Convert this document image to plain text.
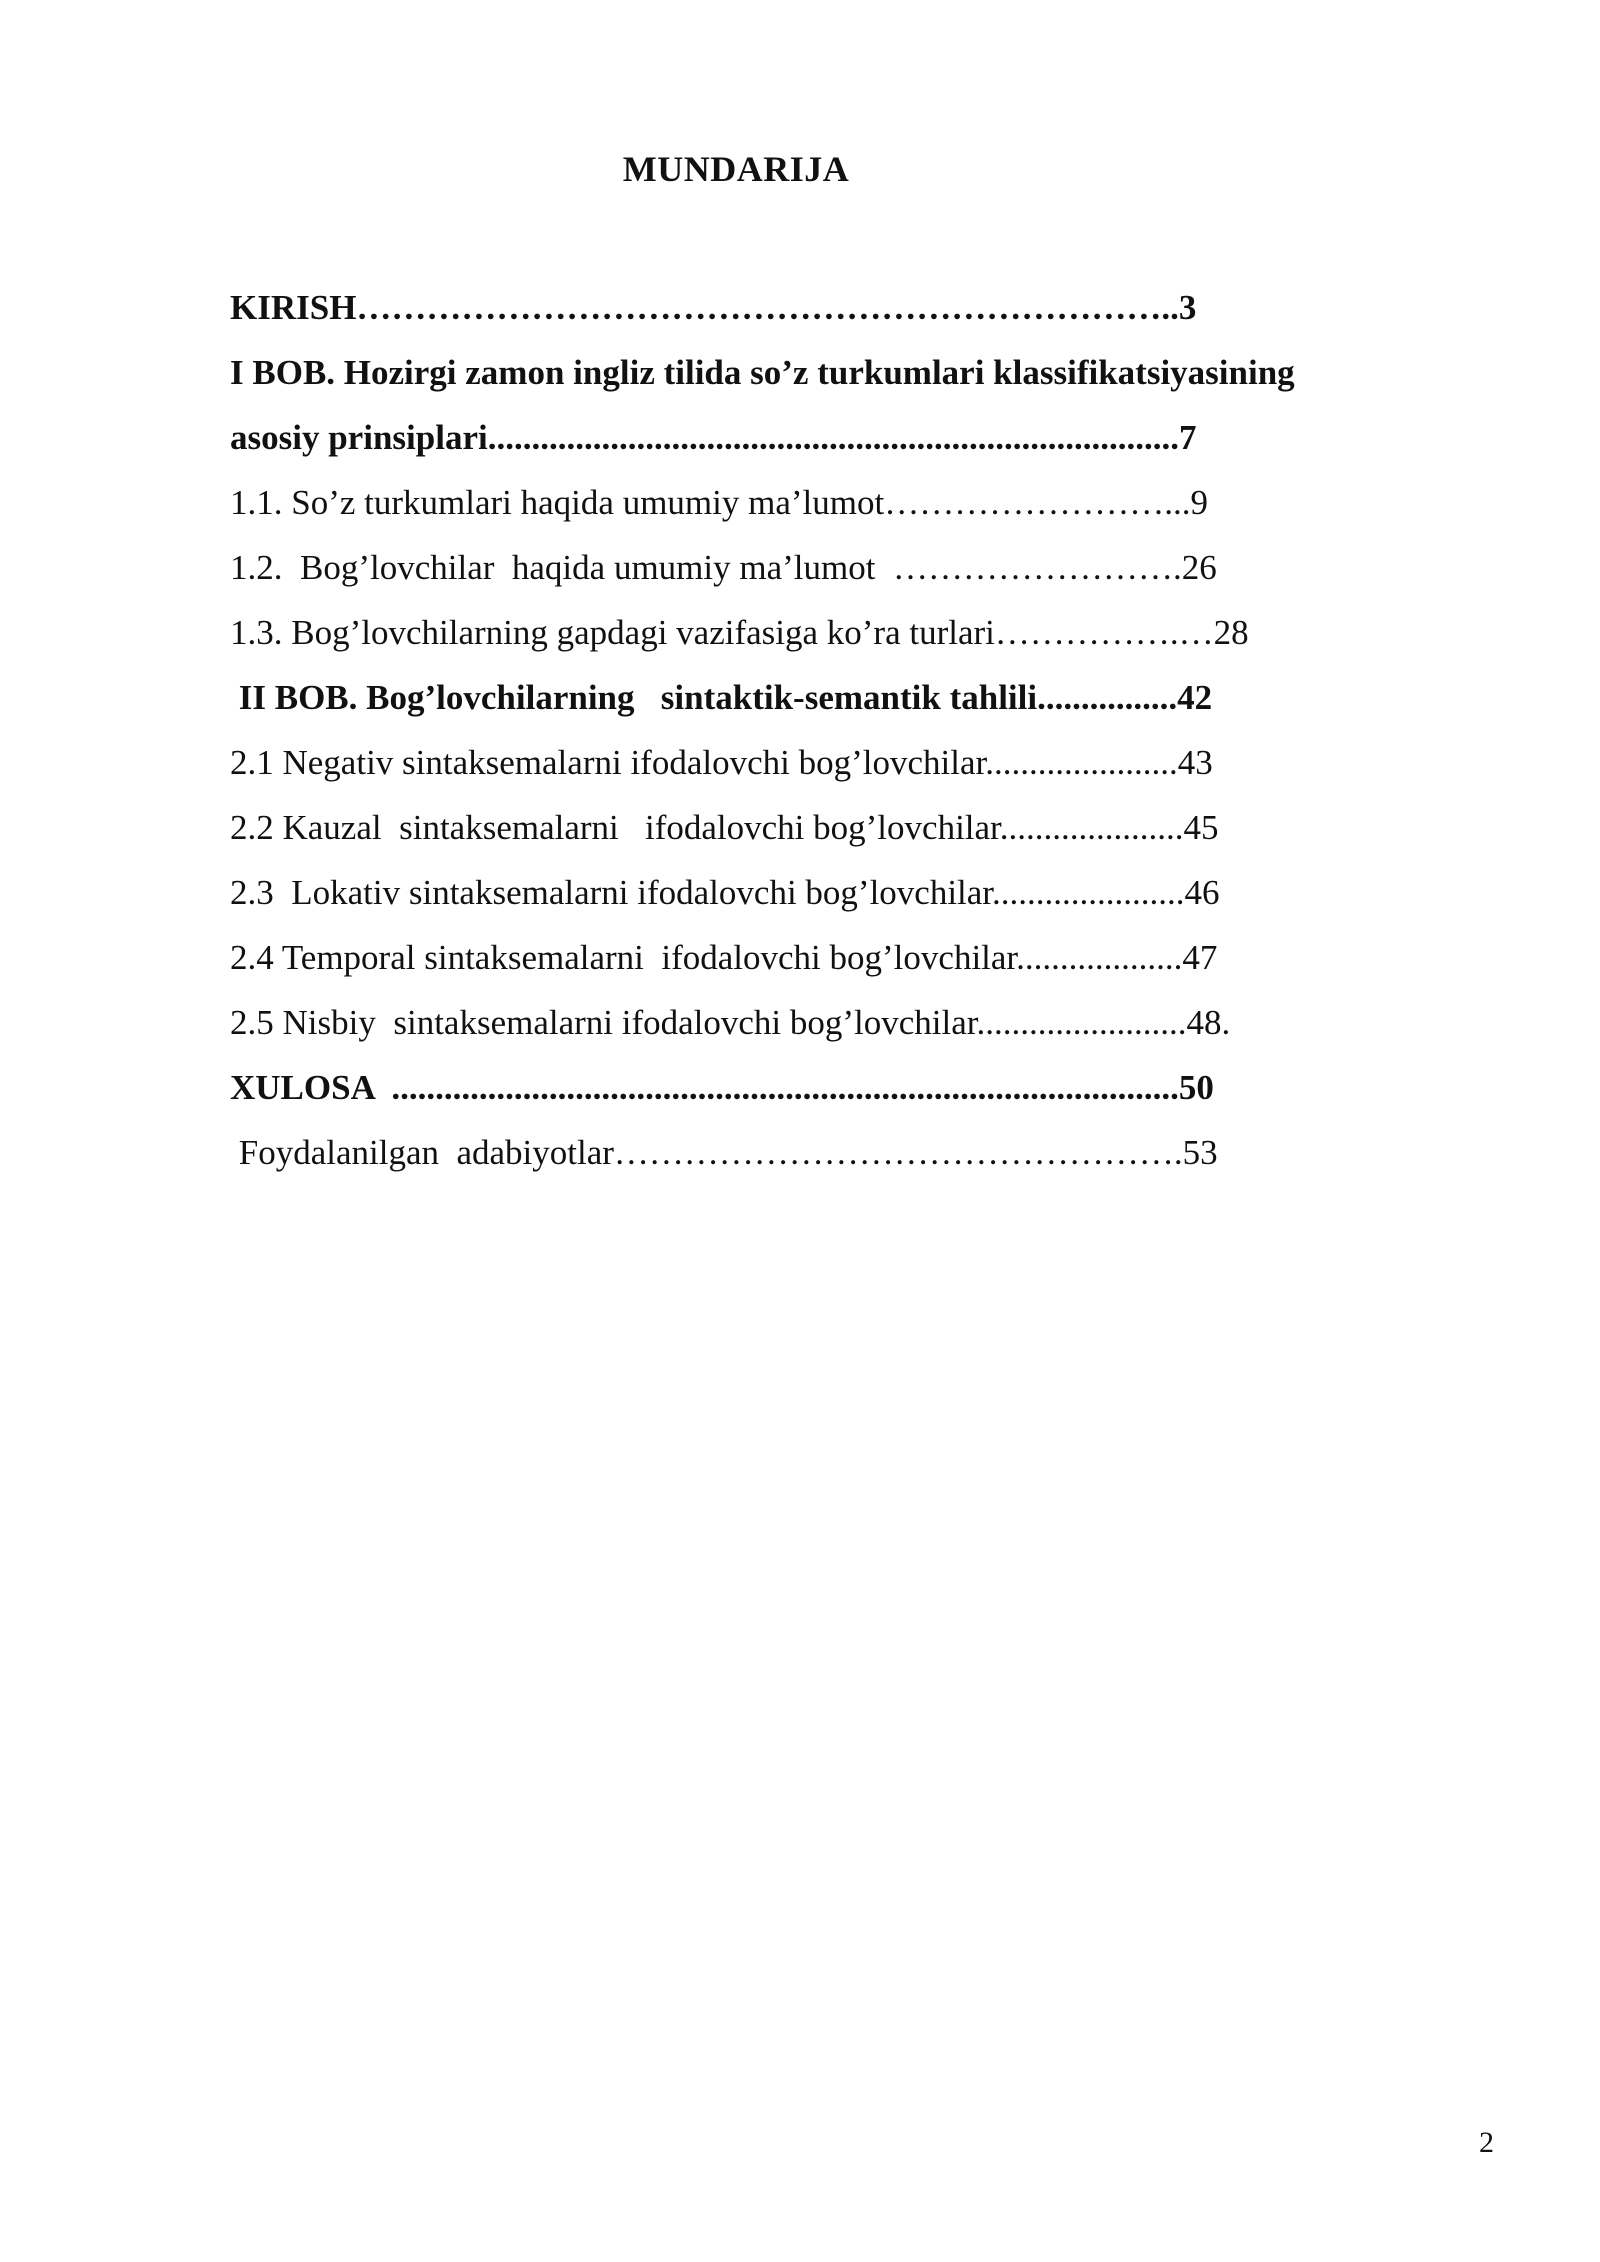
MUNDARIJA
KIRISH……………………………………………………………..3
I BOB. Hozirgi zamon ingliz tilida so’z turkumlari klassifikatsiyasining
asosiy prinsiplari...............................................................................7
1.1. So’z turkumlari haqida umumiy ma’lumot……………………...9
1.2.  Bog’lovchilar  haqida umumiy ma’lumot  …………………….26
1.3. Bog’lovchilarning gapdagi vazifasiga ko’ra turlari…………….…28
II BOB. Bog’lovchilarning   sintaktik-semantik tahlili................42
2.1 Negativ sintaksemalarni ifodalovchi bog’lovchilar......................43
2.2 Kauzal  sintaksemalarni   ifodalovchi bog’lovchilar.....................45
2.3  Lokativ sintaksemalarni ifodalovchi bog’lovchilar......................46
2.4 Temporal sintaksemalarni  ifodalovchi bog’lovchilar...................47
2.5 Nisbiy  sintaksemalarni ifodalovchi bog’lovchilar........................48.
XULOSA  ..........................................................................................50
Foydalanilgan  adabiyotlar………………………………………….53
2
